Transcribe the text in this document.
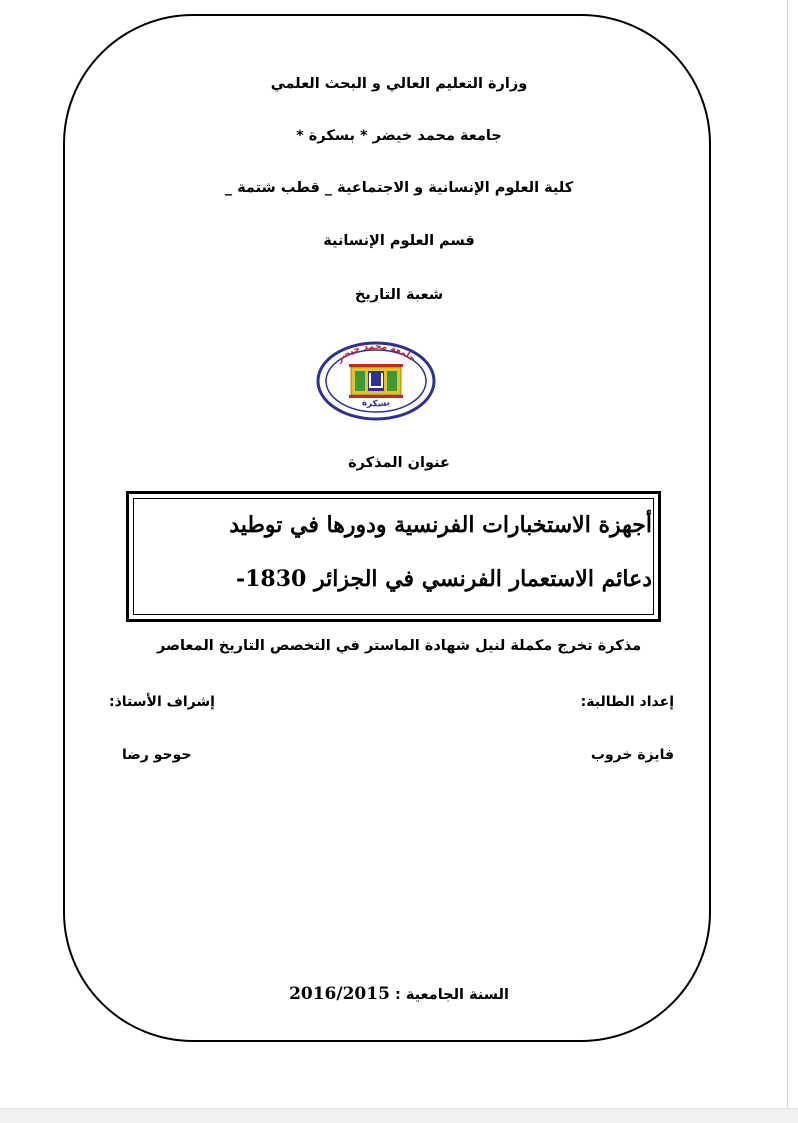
وزارة التعليم العالي و البحث العلمي
جامعة محمد خيضر * بسكرة *
كلية العلوم الإنسانية و الاجتماعية _ قطب شتمة _
قسم العلوم الإنسانية
شعبة التاريخ
جامعة محمد خيضر
بسكرة
عنوان المذكرة
أجهزة الاستخبارات الفرنسية ودورها في توطيد
دعائم الاستعمار الفرنسي في الجزائر 1830-
مذكرة تخرج مكملة لنيل شهادة الماستر في التخصص التاريخ المعاصر
إعداد الطالبة:
إشراف الأستاذ:
فايزة خروب
حوحو رضا
السنة الجامعية : 2016/2015
